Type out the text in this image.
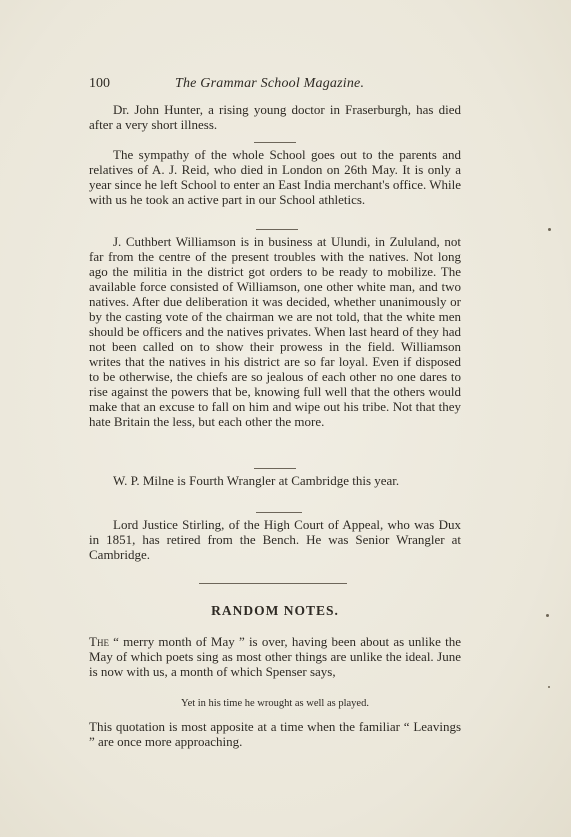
100	The Grammar School Magazine.

Dr. John Hunter, a rising young doctor in Fraserburgh, has died after a very short illness.

The sympathy of the whole School goes out to the parents and relatives of A. J. Reid, who died in London on 26th May. It is only a year since he left School to enter an East India merchant's office. While with us he took an active part in our School athletics.

J. Cuthbert Williamson is in business at Ulundi, in Zululand, not far from the centre of the present troubles with the natives. Not long ago the militia in the district got orders to be ready to mobilize. The available force consisted of Williamson, one other white man, and two natives. After due deliberation it was decided, whether unanimously or by the casting vote of the chairman we are not told, that the white men should be officers and the natives privates. When last heard of they had not been called on to show their prowess in the field. Williamson writes that the natives in his district are so far loyal. Even if disposed to be otherwise, the chiefs are so jealous of each other no one dares to rise against the powers that be, knowing full well that the others would make that an excuse to fall on him and wipe out his tribe. Not that they hate Britain the less, but each other the more.

W. P. Milne is Fourth Wrangler at Cambridge this year.

Lord Justice Stirling, of the High Court of Appeal, who was Dux in 1851, has retired from the Bench. He was Senior Wrangler at Cambridge.

RANDOM NOTES.

The “ merry month of May ” is over, having been about as unlike the May of which poets sing as most other things are unlike the ideal. June is now with us, a month of which Spenser says,

Yet in his time he wrought as well as played.

This quotation is most apposite at a time when the familiar “ Leavings ” are once more approaching.
